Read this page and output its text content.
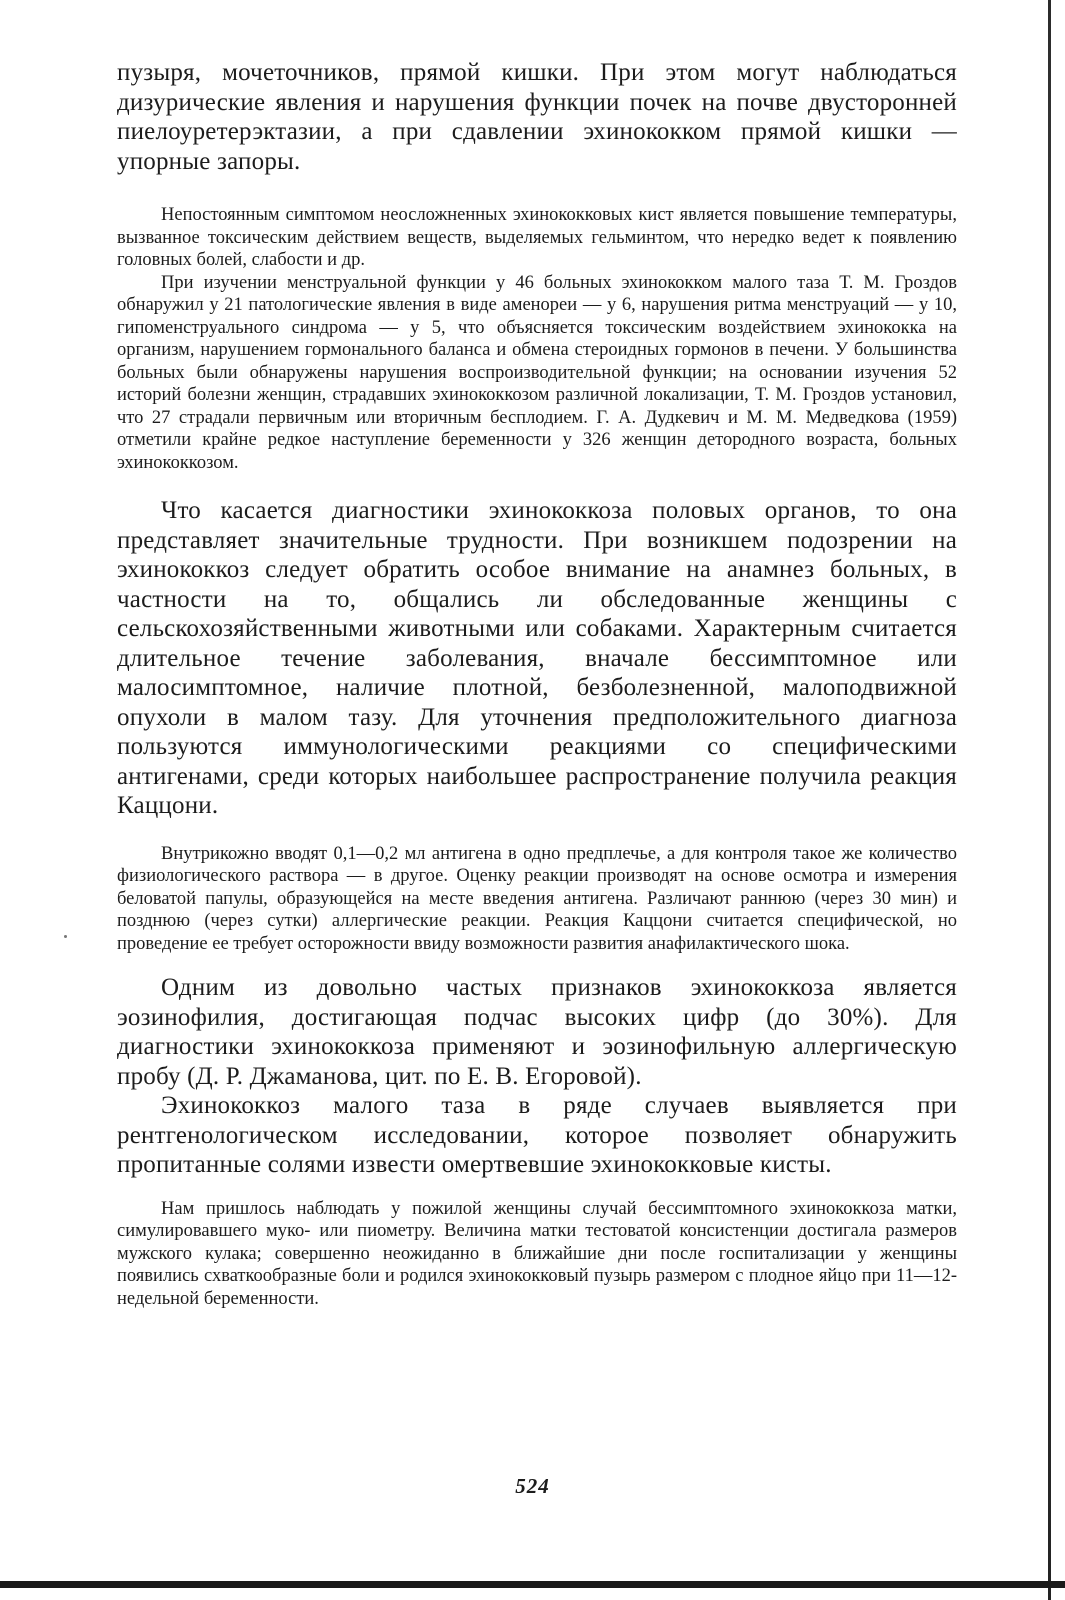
пузыря, мочеточников, прямой кишки. При этом могут наблюдаться дизурические явления и нарушения функции почек на почве двусторонней пиелоуретерэктазии, а при сдавлении эхинококком прямой кишки — упорные запоры.

Непостоянным симптомом неосложненных эхинококковых кист является повышение температуры, вызванное токсическим действием веществ, выделяемых гельминтом, что нередко ведет к появлению головных болей, слабости и др.

При изучении менструальной функции у 46 больных эхинококком малого таза Т. М. Гроздов обнаружил у 21 патологические явления в виде аменореи — у 6, нарушения ритма менструаций — у 10, гипоменструального синдрома — у 5, что объясняется токсическим воздействием эхинококка на организм, нарушением гормонального баланса и обмена стероидных гормонов в печени. У большинства больных были обнаружены нарушения воспроизводительной функции; на основании изучения 52 историй болезни женщин, страдавших эхинококкозом различной локализации, Т. М. Гроздов установил, что 27 страдали первичным или вторичным бесплодием. Г. А. Дудкевич и М. М. Медведкова (1959) отметили крайне редкое наступление беременности у 326 женщин детородного возраста, больных эхинококкозом.

Что касается диагностики эхинококкоза половых органов, то она представляет значительные трудности. При возникшем подозрении на эхинококкоз следует обратить особое внимание на анамнез больных, в частности на то, общались ли обследованные женщины с сельскохозяйственными животными или собаками. Характерным считается длительное течение заболевания, вначале бессимптомное или малосимптомное, наличие плотной, безболезненной, малоподвижной опухоли в малом тазу. Для уточнения предположительного диагноза пользуются иммунологическими реакциями со специфическими антигенами, среди которых наибольшее распространение получила реакция Каццони.

Внутрикожно вводят 0,1—0,2 мл антигена в одно предплечье, а для контроля такое же количество физиологического раствора — в другое. Оценку реакции производят на основе осмотра и измерения беловатой папулы, образующейся на месте введения антигена. Различают раннюю (через 30 мин) и позднюю (через сутки) аллергические реакции. Реакция Каццони считается специфической, но проведение ее требует осторожности ввиду возможности развития анафилактического шока.

Одним из довольно частых признаков эхинококкоза является эозинофилия, достигающая подчас высоких цифр (до 30%). Для диагностики эхинококкоза применяют и эозинофильную аллергическую пробу (Д. Р. Джаманова, цит. по Е. В. Егоровой).

Эхинококкоз малого таза в ряде случаев выявляется при рентгенологическом исследовании, которое позволяет обнаружить пропитанные солями извести омертвевшие эхинококковые кисты.

Нам пришлось наблюдать у пожилой женщины случай бессимптомного эхинококкоза матки, симулировавшего муко- или пиометру. Величина матки тестоватой консистенции достигала размеров мужского кулака; совершенно неожиданно в ближайшие дни после госпитализации у женщины появились схваткообразные боли и родился эхинококковый пузырь размером с плодное яйцо при 11—12-недельной беременности.

524
